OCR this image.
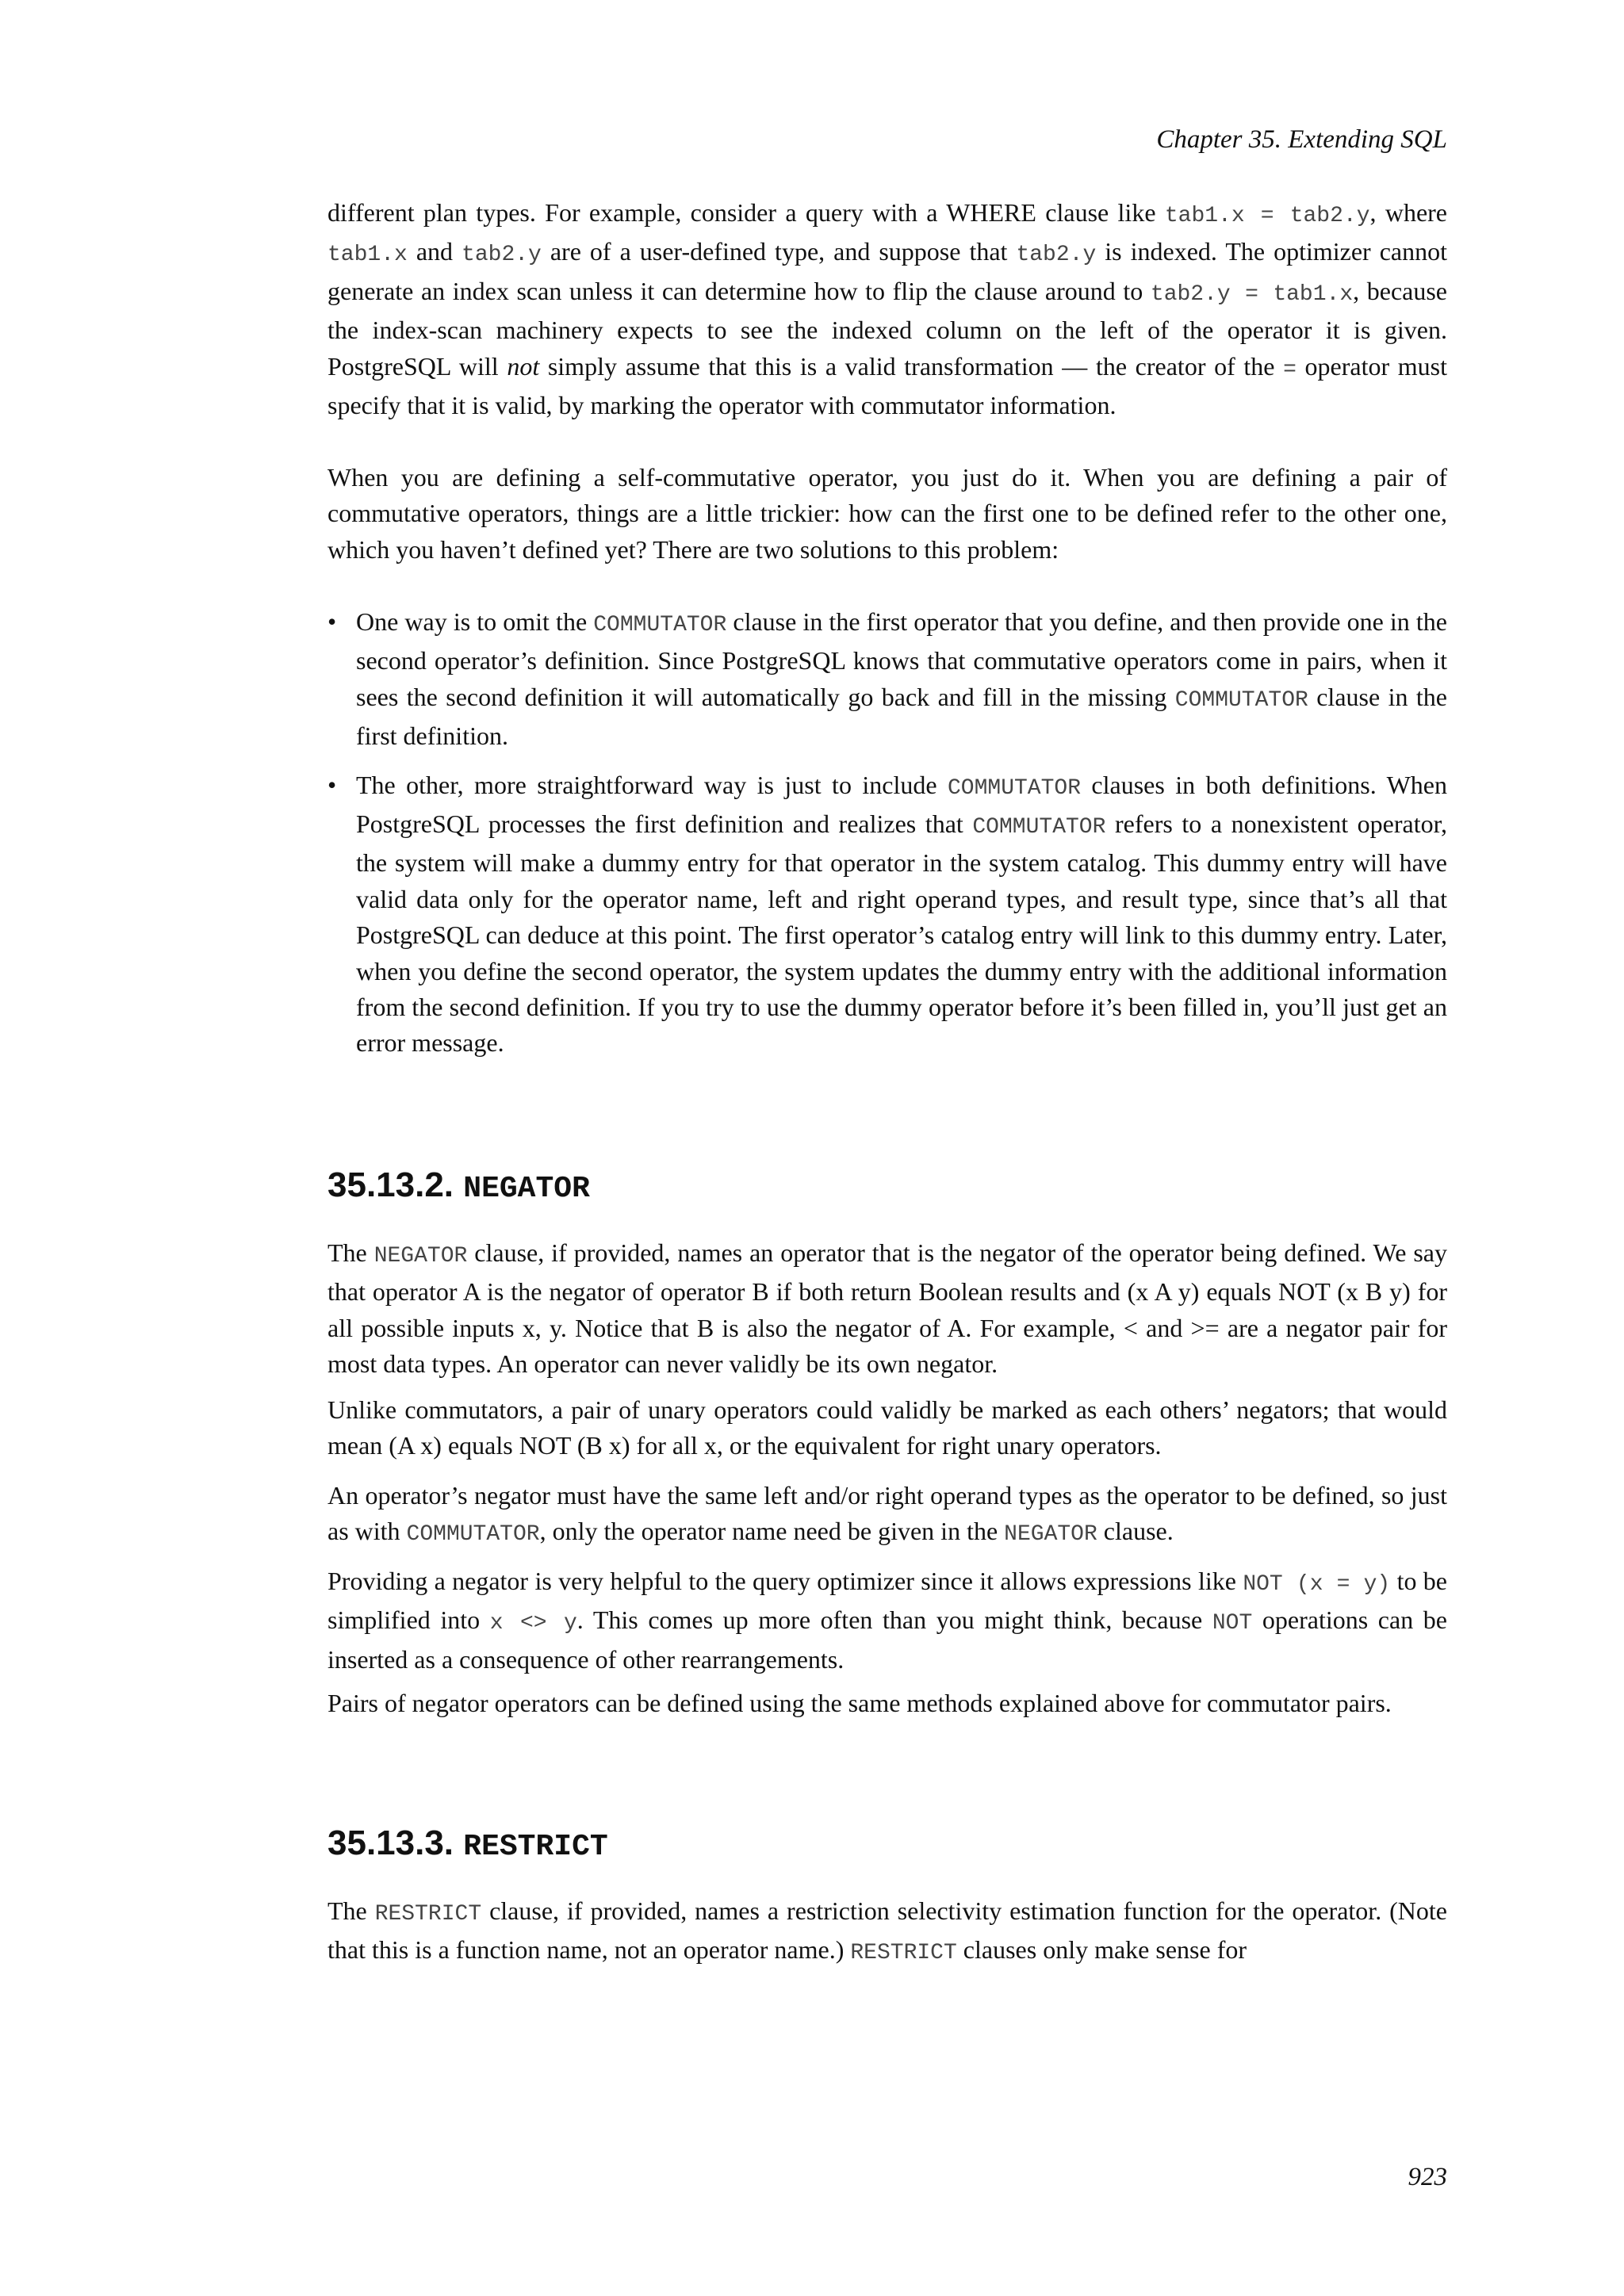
Chapter 35. Extending SQL

different plan types. For example, consider a query with a WHERE clause like tab1.x = tab2.y, where tab1.x and tab2.y are of a user-defined type, and suppose that tab2.y is indexed. The optimizer cannot generate an index scan unless it can determine how to flip the clause around to tab2.y = tab1.x, because the index-scan machinery expects to see the indexed column on the left of the operator it is given. PostgreSQL will not simply assume that this is a valid transformation — the creator of the = operator must specify that it is valid, by marking the operator with commutator information.

When you are defining a self-commutative operator, you just do it. When you are defining a pair of commutative operators, things are a little trickier: how can the first one to be defined refer to the other one, which you haven’t defined yet? There are two solutions to this problem:

• One way is to omit the COMMUTATOR clause in the first operator that you define, and then provide one in the second operator’s definition. Since PostgreSQL knows that commutative operators come in pairs, when it sees the second definition it will automatically go back and fill in the missing COMMUTATOR clause in the first definition.
• The other, more straightforward way is just to include COMMUTATOR clauses in both definitions. When PostgreSQL processes the first definition and realizes that COMMUTATOR refers to a nonexistent operator, the system will make a dummy entry for that operator in the system catalog. This dummy entry will have valid data only for the operator name, left and right operand types, and result type, since that’s all that PostgreSQL can deduce at this point. The first operator’s catalog entry will link to this dummy entry. Later, when you define the second operator, the system updates the dummy entry with the additional information from the second definition. If you try to use the dummy operator before it’s been filled in, you’ll just get an error message.
35.13.2. NEGATOR

The NEGATOR clause, if provided, names an operator that is the negator of the operator being defined. We say that operator A is the negator of operator B if both return Boolean results and (x A y) equals NOT (x B y) for all possible inputs x, y. Notice that B is also the negator of A. For example, < and >= are a negator pair for most data types. An operator can never validly be its own negator.

Unlike commutators, a pair of unary operators could validly be marked as each others’ negators; that would mean (A x) equals NOT (B x) for all x, or the equivalent for right unary operators.

An operator’s negator must have the same left and/or right operand types as the operator to be defined, so just as with COMMUTATOR, only the operator name need be given in the NEGATOR clause.

Providing a negator is very helpful to the query optimizer since it allows expressions like NOT (x = y) to be simplified into x <> y. This comes up more often than you might think, because NOT operations can be inserted as a consequence of other rearrangements.

Pairs of negator operators can be defined using the same methods explained above for commutator pairs.

35.13.3. RESTRICT

The RESTRICT clause, if provided, names a restriction selectivity estimation function for the operator. (Note that this is a function name, not an operator name.) RESTRICT clauses only make sense for

923
